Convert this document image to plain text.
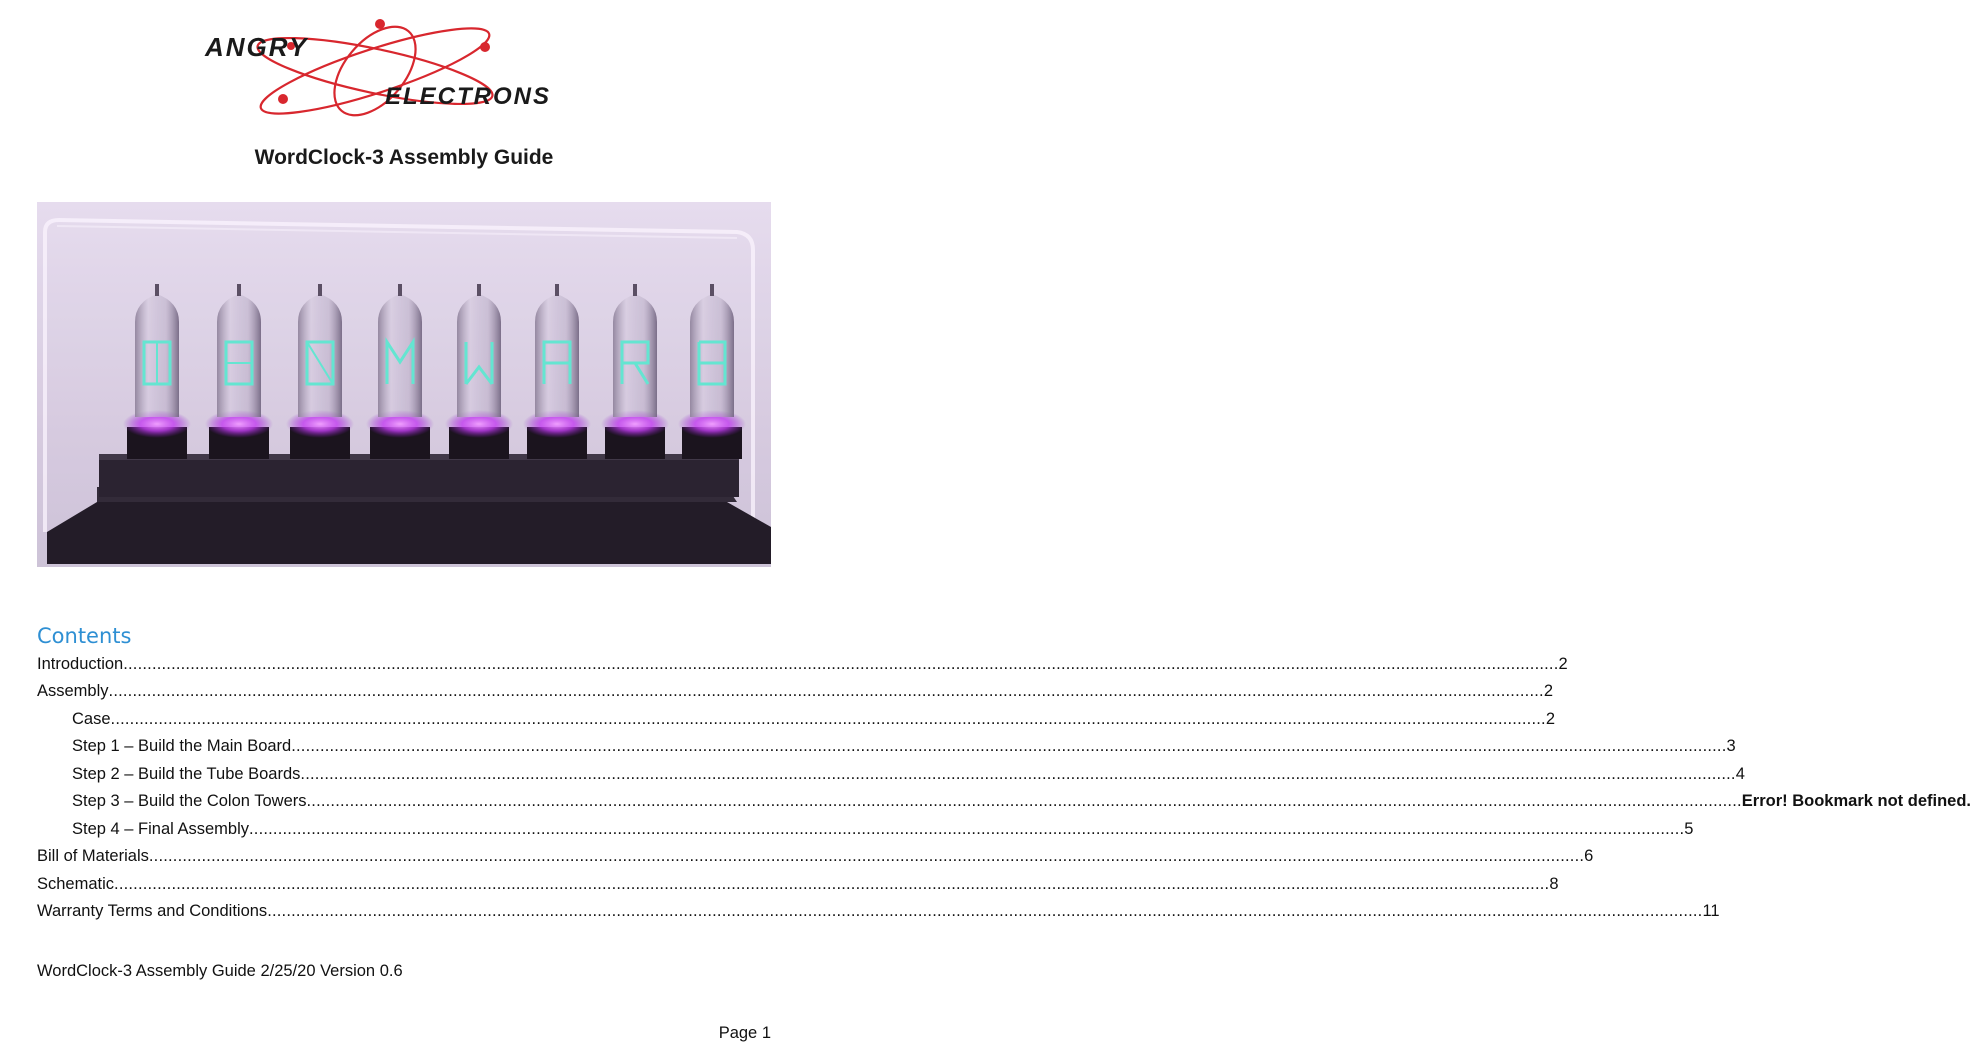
ANGRY
ELECTRONS
WordClock-3 Assembly Guide
Contents
Introduction ............................................................................................................................................................................................................................................................................................................ 2
Assembly ............................................................................................................................................................................................................................................................................................................ 2
Case ............................................................................................................................................................................................................................................................................................................ 2
Step 1 – Build the Main Board ............................................................................................................................................................................................................................................................................................................ 3
Step 2 – Build the Tube Boards ............................................................................................................................................................................................................................................................................................................ 4
Step 3 – Build the Colon Towers ............................................................................................................................................................................................................................................................................................................ Error! Bookmark not defined.
Step 4 – Final Assembly ............................................................................................................................................................................................................................................................................................................ 5
Bill of Materials ............................................................................................................................................................................................................................................................................................................ 6
Schematic ............................................................................................................................................................................................................................................................................................................ 8
Warranty Terms and Conditions ............................................................................................................................................................................................................................................................................................................ 11
WordClock-3 Assembly Guide 2/25/20 Version 0.6
Page 1
